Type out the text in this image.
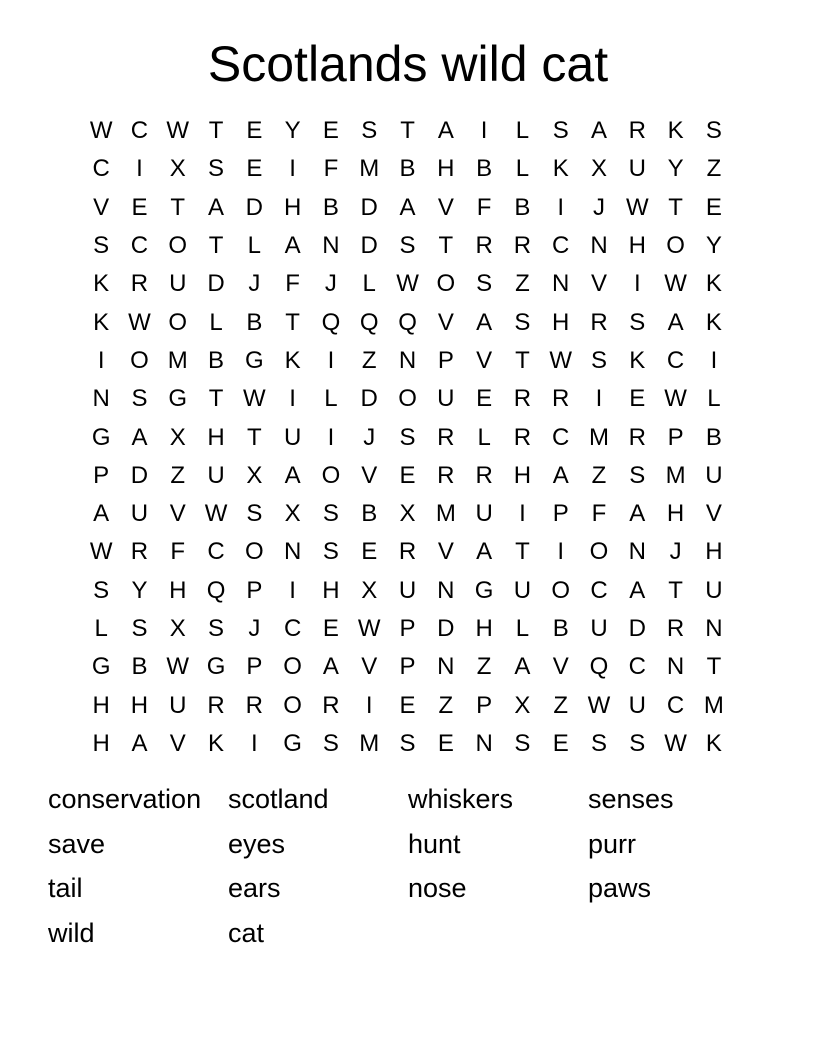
Scotlands wild cat
W C W T E Y E S T A	I	L S A R K S
C	I	X S E	I	F M B H B L K X U Y Z
V E T A D H B D A V F B	I	J W T E
S C O T	L A N D S T R R C N H O Y
K R U D J	F	J	L W O S Z N V	I W K
K W O L B T Q Q Q V A S H R S A K
I	O M B G K	I	Z N P V T W S K C	I
N S G T W I	L D O U E R R	I	E W L
G A X H T U	I	J	S R L R C M R P B
P D Z U X A O V E R R H A Z S M U
A U V W S X S B X M U	I	P F A H V
W R F C O N S E R V A T	I	O N J H
S Y H Q P	I	H X U N G U O C A T U
L S X S	J C E W P D H L B U D R N
G B W G P O A V P N Z A V Q C N T
H H U R R O R	I	E Z P X Z W U C M
H A V K	I	G S M S E N S E S S W K
conservation scotland	whiskers	senses
save	eyes	hunt	purr
tail	ears	nose	paws
wild	cat
